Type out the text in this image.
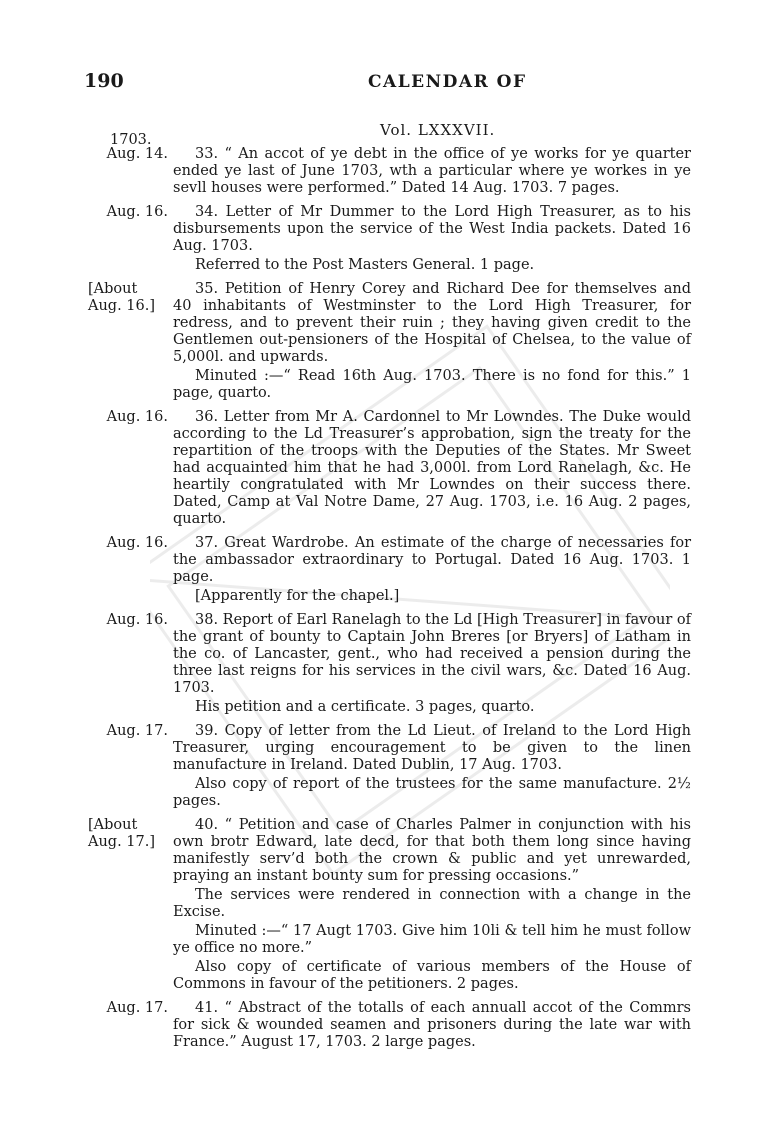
190	CALENDAR OF
Vol. LXXXVII.
1703.
Aug. 14.	33. “ An accot of ye debt in the office of ye works for ye quarter ended ye last of June 1703, wth a particular where ye workes in ye sevll houses were performed.” Dated 14 Aug. 1703. 7 pages.

Aug. 16.	34. Letter of Mr Dummer to the Lord High Treasurer, as to his disbursements upon the service of the West India packets. Dated 16 Aug. 1703.

Referred to the Post Masters General. 1 page.

[About Aug. 16.]

35. Petition of Henry Corey and Richard Dee for themselves and 40 inhabitants of Westminster to the Lord High Treasurer, for redress, and to prevent their ruin ; they having given credit to the Gentlemen out-pensioners of the Hospital of Chelsea, to the value of 5,000l. and upwards.

Minuted :—“ Read 16th Aug. 1703. There is no fond for this.” 1 page, quarto.

Aug. 16.	36. Letter from Mr A. Cardonnel to Mr Lowndes. The Duke would according to the Ld Treasurer’s approbation, sign the treaty for the repartition of the troops with the Deputies of the States. Mr Sweet had acquainted him that he had 3,000l. from Lord Ranelagh, &c. He heartily congratulated with Mr Lowndes on their success there. Dated, Camp at Val Notre Dame, 27 Aug. 1703, i.e. 16 Aug. 2 pages, quarto.

Aug. 16.	37. Great Wardrobe. An estimate of the charge of necessaries for the ambassador extraordinary to Portugal. Dated 16 Aug. 1703. 1 page.

[Apparently for the chapel.]

Aug. 16.	38. Report of Earl Ranelagh to the Ld [High Treasurer] in favour of the grant of bounty to Captain John Breres [or Bryers] of Latham in the co. of Lancaster, gent., who had received a pension during the three last reigns for his services in the civil wars, &c. Dated 16 Aug. 1703.

His petition and a certificate. 3 pages, quarto.

Aug. 17.	39. Copy of letter from the Ld Lieut. of Ireland to the Lord High Treasurer, urging encouragement to be given to the linen manufacture in Ireland. Dated Dublin, 17 Aug. 1703.

Also copy of report of the trustees for the same manufacture. 2½ pages.

[About Aug. 17.]

40. “ Petition and case of Charles Palmer in conjunction with his own brotr Edward, late decd, for that both them long since having manifestly serv’d both the crown & public and yet unrewarded, praying an instant bounty sum for pressing occasions.”

The services were rendered in connection with a change in the Excise.

Minuted :—“ 17 Augt 1703. Give him 10li & tell him he must follow ye office no more.”

Also copy of certificate of various members of the House of Commons in favour of the petitioners. 2 pages.

Aug. 17.	41. “ Abstract of the totalls of each annuall accot of the Commrs for sick & wounded seamen and prisoners during the late war with France.” August 17, 1703. 2 large pages.
